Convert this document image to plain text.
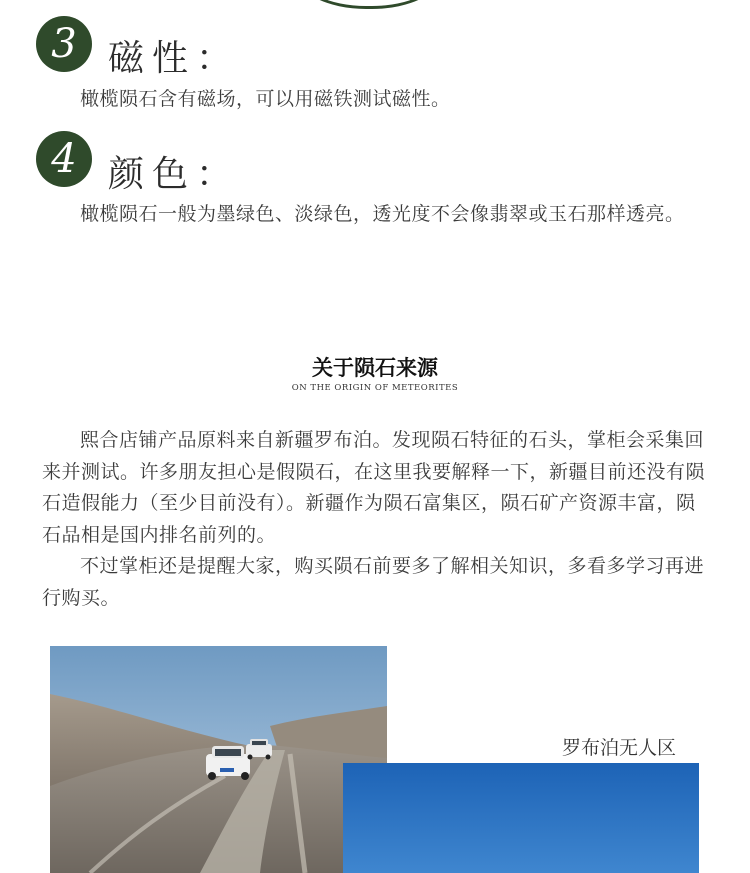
3 磁性：

橄榄陨石含有磁场，可以用磁铁测试磁性。

4 颜色：

橄榄陨石一般为墨绿色、淡绿色，透光度不会像翡翠或玉石那样透亮。

关于陨石来源
ON THE ORIGIN OF METEORITES

熙合店铺产品原料来自新疆罗布泊。发现陨石特征的石头，掌柜会采集回来并测试。许多朋友担心是假陨石，在这里我要解释一下，新疆目前还没有陨石造假能力（至少目前没有）。新疆作为陨石富集区，陨石矿产资源丰富，陨石品相是国内排名前列的。

不过掌柜还是提醒大家，购买陨石前要多了解相关知识，多看多学习再进行购买。

罗布泊无人区
